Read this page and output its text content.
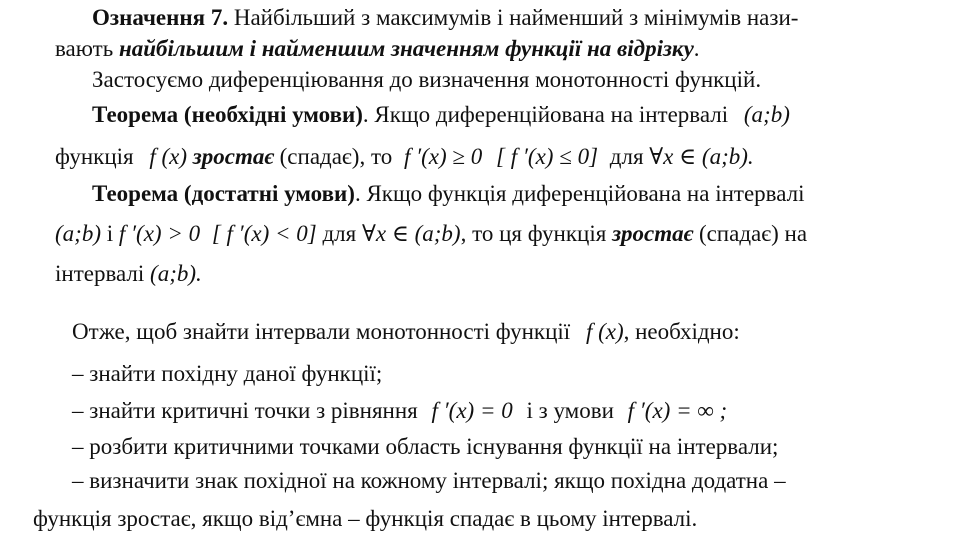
Означення 7. Найбільший з максимумів і найменший з мінімумів нази-
вають найбільшим і найменшим значенням функції на відрізку.
Застосуємо диференціювання до визначення монотонності функцій.
Теорема (необхідні умови). Якщо диференційована на інтервалі (a;b)
функція f (x) зростає (спадає), то f ′(x) ≥ 0 [ f ′(x) ≤ 0] для ∀x ∈ (a;b).
Теорема (достатні умови). Якщо функція диференційована на інтервалі
(a;b) і f ′(x) > 0 [ f ′(x) < 0] для ∀x ∈ (a;b), то ця функція зростає (спадає) на
інтервалі (a;b).
Отже, щоб знайти інтервали монотонності функції f (x), необхідно:
– знайти похідну даної функції;
– знайти критичні точки з рівняння f ′(x) = 0 і з умови f ′(x) = ∞ ;
– розбити критичними точками область існування функції на інтервали;
– визначити знак похідної на кожному інтервалі; якщо похідна додатна –
функція зростає, якщо від’ємна – функція спадає в цьому інтервалі.
